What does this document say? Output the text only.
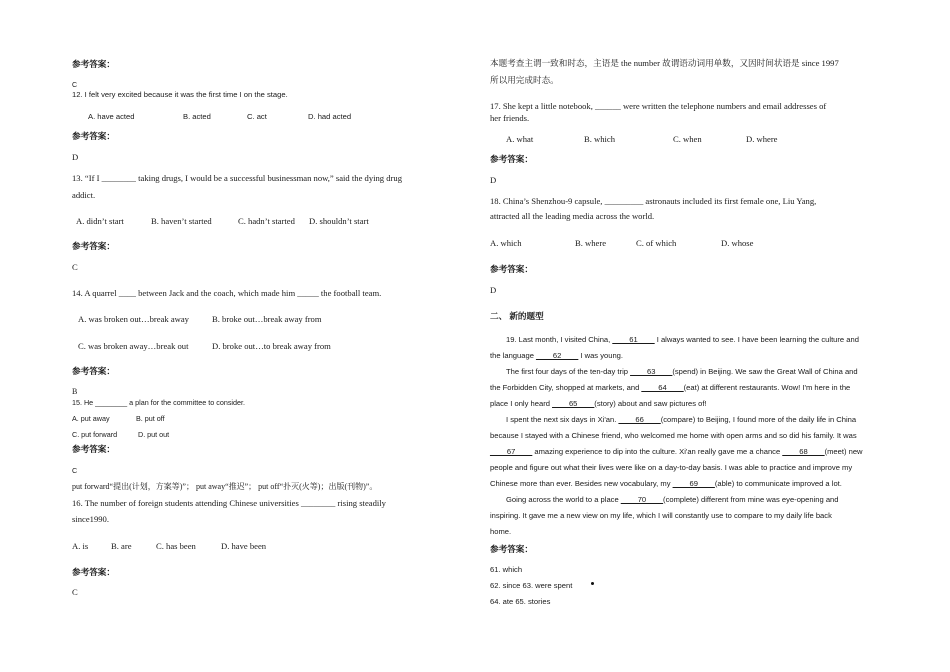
参考答案：
C
12. I felt very excited because it was the first time I on the stage.
A. have acted	B. acted	C. act	D. had acted
参考答案：
D
13. “If I ________ taking drugs, I would be a successful businessman now,” said the dying drug
addict.
A. didn’t start	B. haven’t started	C. hadn’t started D. shouldn’t start
参考答案：
C
14. A quarrel ____ between Jack and the coach, which made him _____ the football team.
A. was broken out…break away	B. broke out…break away from
C. was broken away…break out	D. broke out…to break away from
参考答案：
B
15. He ________ a plan for the committee to consider.
A. put away	B. put off
C. put forward	D. put out
参考答案：
C
put forward“提出(计划，方案等)”； put away“推迟”； put off“扑灭(火等)；出版(刊物)”。
16. The number of foreign students attending Chinese universities ________ rising steadily
since1990.
A. is	B. are	C. has been	D. have been
参考答案：
C
本题考查主谓一致和时态，主语是 the number 故谓语动词用单数，又因时间状语是 since 1997
所以用完成时态。
17. She kept a little notebook, ______ were written the telephone numbers and email addresses of
her friends.
A. what	B. which	C. when	D. where
参考答案：
D
18. China’s Shenzhou-9 capsule, _________ astronauts included its first female one, Liu Yang,
attracted all the leading media across the world.
A. which	B. where	C. of which	D. whose
参考答案：
D
二、 新的题型
19. Last month, I visited China, ____61____ I always wanted to see. I have been learning the culture and
the language ____62____ I was young.
The first four days of the ten-day trip ____63____(spend) in Beijing. We saw the Great Wall of China and
the Forbidden City, shopped at markets, and ____64____(eat) at different restaurants. Wow! I'm here in the
place I only heard ____65____(story) about and saw pictures of!
I spent the next six days in Xi'an. ____66____(compare) to Beijing, I found more of the daily life in China
because I stayed with a Chinese friend, who welcomed me home with open arms and so did his family. It was
____67____ amazing experience to dip into the culture. Xi'an really gave me a chance ____68____(meet) new
people and figure out what their lives were like on a day-to-day basis. I was able to practice and improve my
Chinese more than ever. Besides new vocabulary, my ____69____(able) to communicate improved a lot.
Going across the world to a place ____70____(complete) different from mine was eye-opening and
inspiring. It gave me a new view on my life, which I will constantly use to compare to my daily life back
home.
参考答案：
61. which
62. since 63. were spent
64. ate 65. stories
